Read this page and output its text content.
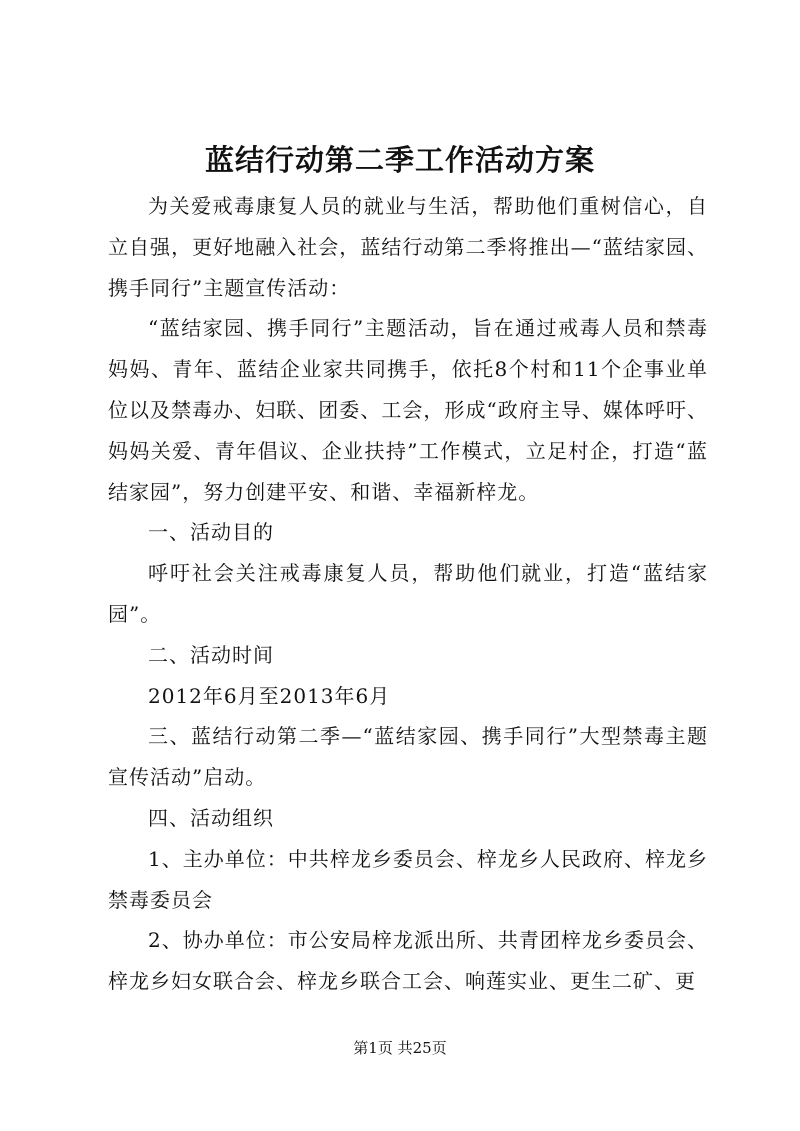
蓝结行动第二季工作活动方案

为关爱戒毒康复人员的就业与生活，帮助他们重树信心，自立自强，更好地融入社会，蓝结行动第二季将推出—“蓝结家园、携手同行”主题宣传活动：

“蓝结家园、携手同行”主题活动，旨在通过戒毒人员和禁毒妈妈、青年、蓝结企业家共同携手，依托8个村和11个企事业单位以及禁毒办、妇联、团委、工会，形成“政府主导、媒体呼吁、妈妈关爱、青年倡议、企业扶持”工作模式，立足村企，打造“蓝结家园”，努力创建平安、和谐、幸福新梓龙。

一、活动目的

呼吁社会关注戒毒康复人员，帮助他们就业，打造“蓝结家园”。

二、活动时间

2012年6月至2013年6月

三、蓝结行动第二季—“蓝结家园、携手同行”大型禁毒主题宣传活动”启动。

四、活动组织

1、主办单位：中共梓龙乡委员会、梓龙乡人民政府、梓龙乡禁毒委员会

2、协办单位：市公安局梓龙派出所、共青团梓龙乡委员会、梓龙乡妇女联合会、梓龙乡联合工会、响莲实业、更生二矿、更

第1页 共25页
